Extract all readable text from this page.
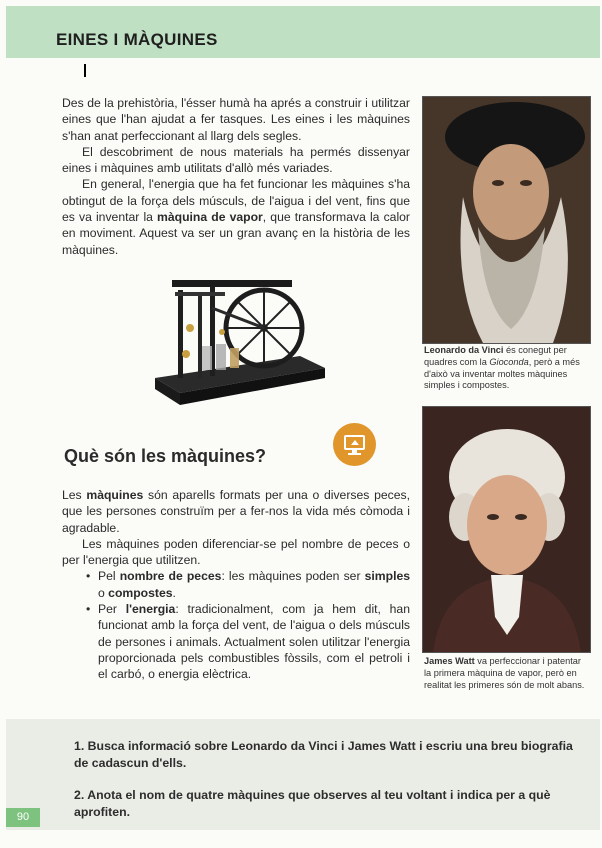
EINES I MÀQUINES

Des de la prehistòria, l'ésser humà ha aprés a construir i utilitzar eines que l'han ajudat a fer tasques. Les eines i les màquines s'han anat perfeccionant al llarg dels segles.

El descobriment de nous materials ha permés dissenyar eines i màquines amb utilitats d'allò més variades.

En general, l'energia que ha fet funcionar les màquines s'ha obtingut de la força dels músculs, de l'aigua i del vent, fins que es va inventar la màquina de vapor, que transformava la calor en moviment. Aquest va ser un gran avanç en la història de les màquines.

Leonardo da Vinci és conegut per quadres com la Gioconda, però a més d'això va inventar moltes màquines simples i compostes.
Què són les màquines?

Les màquines són aparells formats per una o diverses peces, que les persones construïm per a fer-nos la vida més còmoda i agradable.

Les màquines poden diferenciar-se pel nombre de peces o per l'energia que utilitzen.

• Pel nombre de peces: les màquines poden ser simples o compostes.

• Per l'energia: tradicionalment, com ja hem dit, han funcionat amb la força del vent, de l'aigua o dels músculs de persones i animals. Actualment solen utilitzar l'energia proporcionada pels combustibles fòssils, com el petroli i el carbó, o energia elèctrica.

James Watt va perfeccionar i patentar la primera màquina de vapor, però en realitat les primeres són de molt abans.
1. Busca informació sobre Leonardo da Vinci i James Watt i escriu una breu biografia de cadascun d'ells.
2. Anota el nom de quatre màquines que observes al teu voltant i indica per a què aprofiten.
90
